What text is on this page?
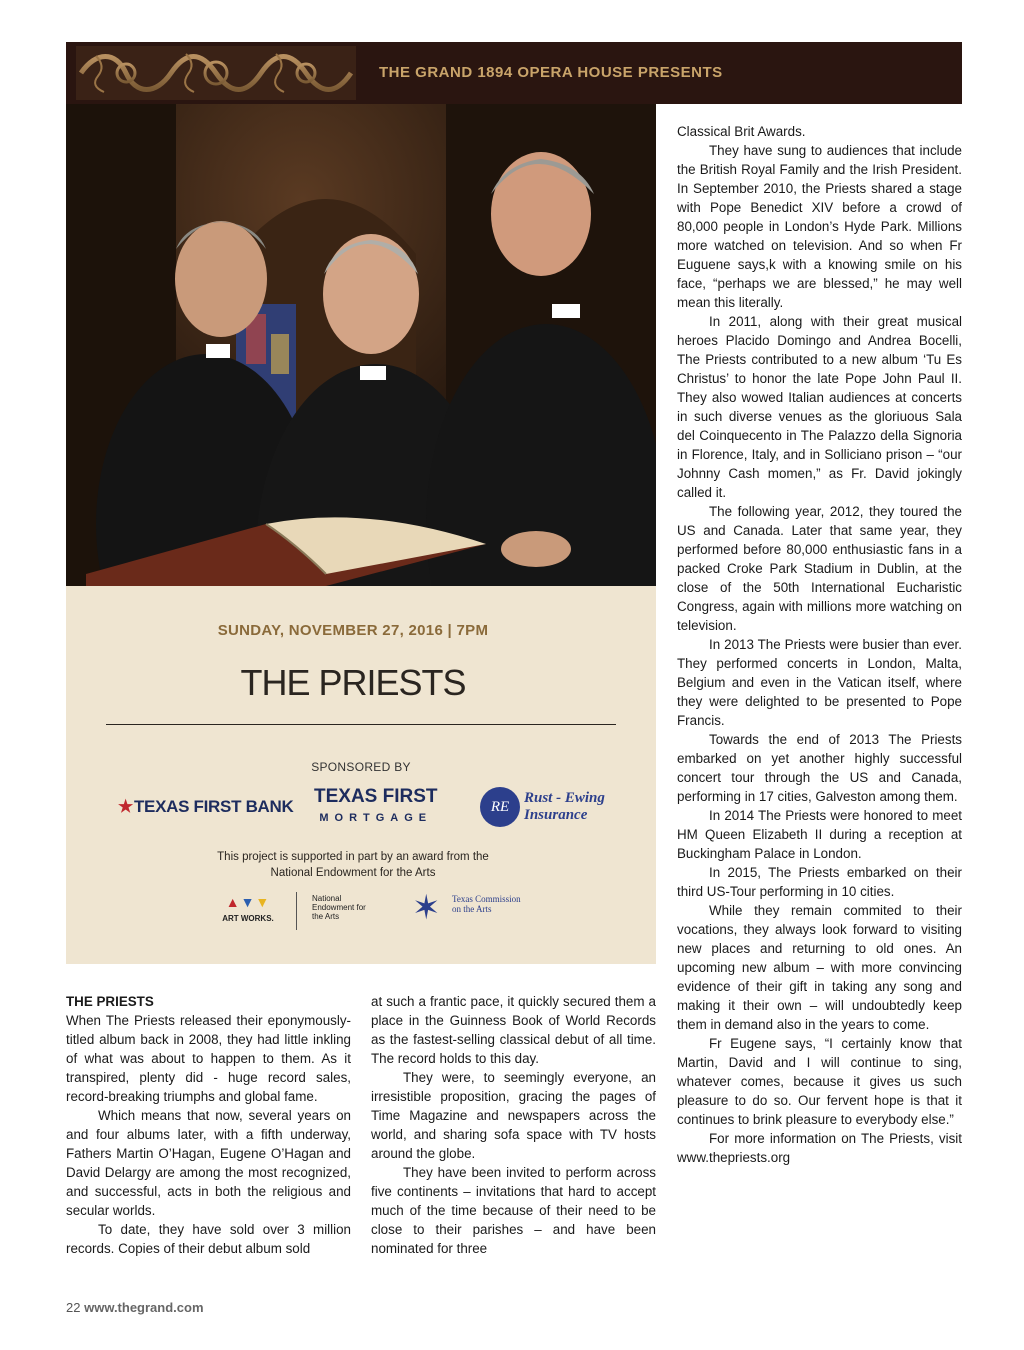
THE GRAND 1894 OPERA HOUSE PRESENTS
SUNDAY, NOVEMBER 27, 2016 | 7PM
THE PRIESTS
SPONSORED BY
★TEXAS FIRST BANK TEXAS FIRST
MORTGAGE
RE
Rust - Ewing
Insurance
This project is supported in part by an award from the
National Endowment for the Arts
▲▼▼
ART WORKS.
National Endowment for the Arts	✶ Texas Commission on the Arts

THE PRIESTS

When The Priests released their eponymously-titled album back in 2008, they had little inkling of what was about to happen to them. As it transpired, plenty did - huge record sales, record-breaking triumphs and global fame.

Which means that now, several years on and four albums later, with a fifth underway, Fathers Martin O’Hagan, Eugene O’Hagan and David Delargy are among the most recognized, and successful, acts in both the religious and secular worlds.

To date, they have sold over 3 million records. Copies of their debut album sold

at such a frantic pace, it quickly secured them a place in the Guinness Book of World Records as the fastest-selling classical debut of all time. The record holds to this day.

They were, to seemingly everyone, an irresistible proposition, gracing the pages of Time Magazine and newspapers across the world, and sharing sofa space with TV hosts around the globe.

They have been invited to perform across five continents – invitations that hard to accept much of the time because of their need to be close to their parishes – and have been nominated for three

Classical Brit Awards.

They have sung to audiences that include the British Royal Family and the Irish President. In September 2010, the Priests shared a stage with Pope Benedict XIV before a crowd of 80,000 people in London’s Hyde Park. Millions more watched on television. And so when Fr Euguene says,k with a knowing smile on his face, “perhaps we are blessed,” he may well mean this literally.

In 2011, along with their great musical heroes Placido Domingo and Andrea Bocelli, The Priests contributed to a new album ‘Tu Es Christus’ to honor the late Pope John Paul II. They also wowed Italian audiences at concerts in such diverse venues as the gloriuous Sala del Coinquecento in The Palazzo della Signoria in Florence, Italy, and in Solliciano prison – “our Johnny Cash momen,” as Fr. David jokingly called it.

The following year, 2012, they toured the US and Canada. Later that same year, they performed before 80,000 enthusiastic fans in a packed Croke Park Stadium in Dublin, at the close of the 50th International Eucharistic Congress, again with millions more watching on television.

In 2013 The Priests were busier than ever. They performed concerts in London, Malta, Belgium and even in the Vatican itself, where they were delighted to be presented to Pope Francis.

Towards the end of 2013 The Priests embarked on yet another highly successful concert tour through the US and Canada, performing in 17 cities, Galveston among them.

In 2014 The Priests were honored to meet HM Queen Elizabeth II during a reception at Buckingham Palace in London.

In 2015, The Priests embarked on their third US-Tour performing in 10 cities.

While they remain commited to their vocations, they always look forward to visiting new places and returning to old ones. An upcoming new album – with more convincing evidence of their gift in taking any song and making it their own – will undoubtedly keep them in demand also in the years to come.

Fr Eugene says, “I certainly know that Martin, David and I will continue to sing, whatever comes, because it gives us such pleasure to do so. Our fervent hope is that it continues to brink pleasure to everybody else.”

For more information on The Priests, visit www.thepriests.org

22 www.thegrand.com
